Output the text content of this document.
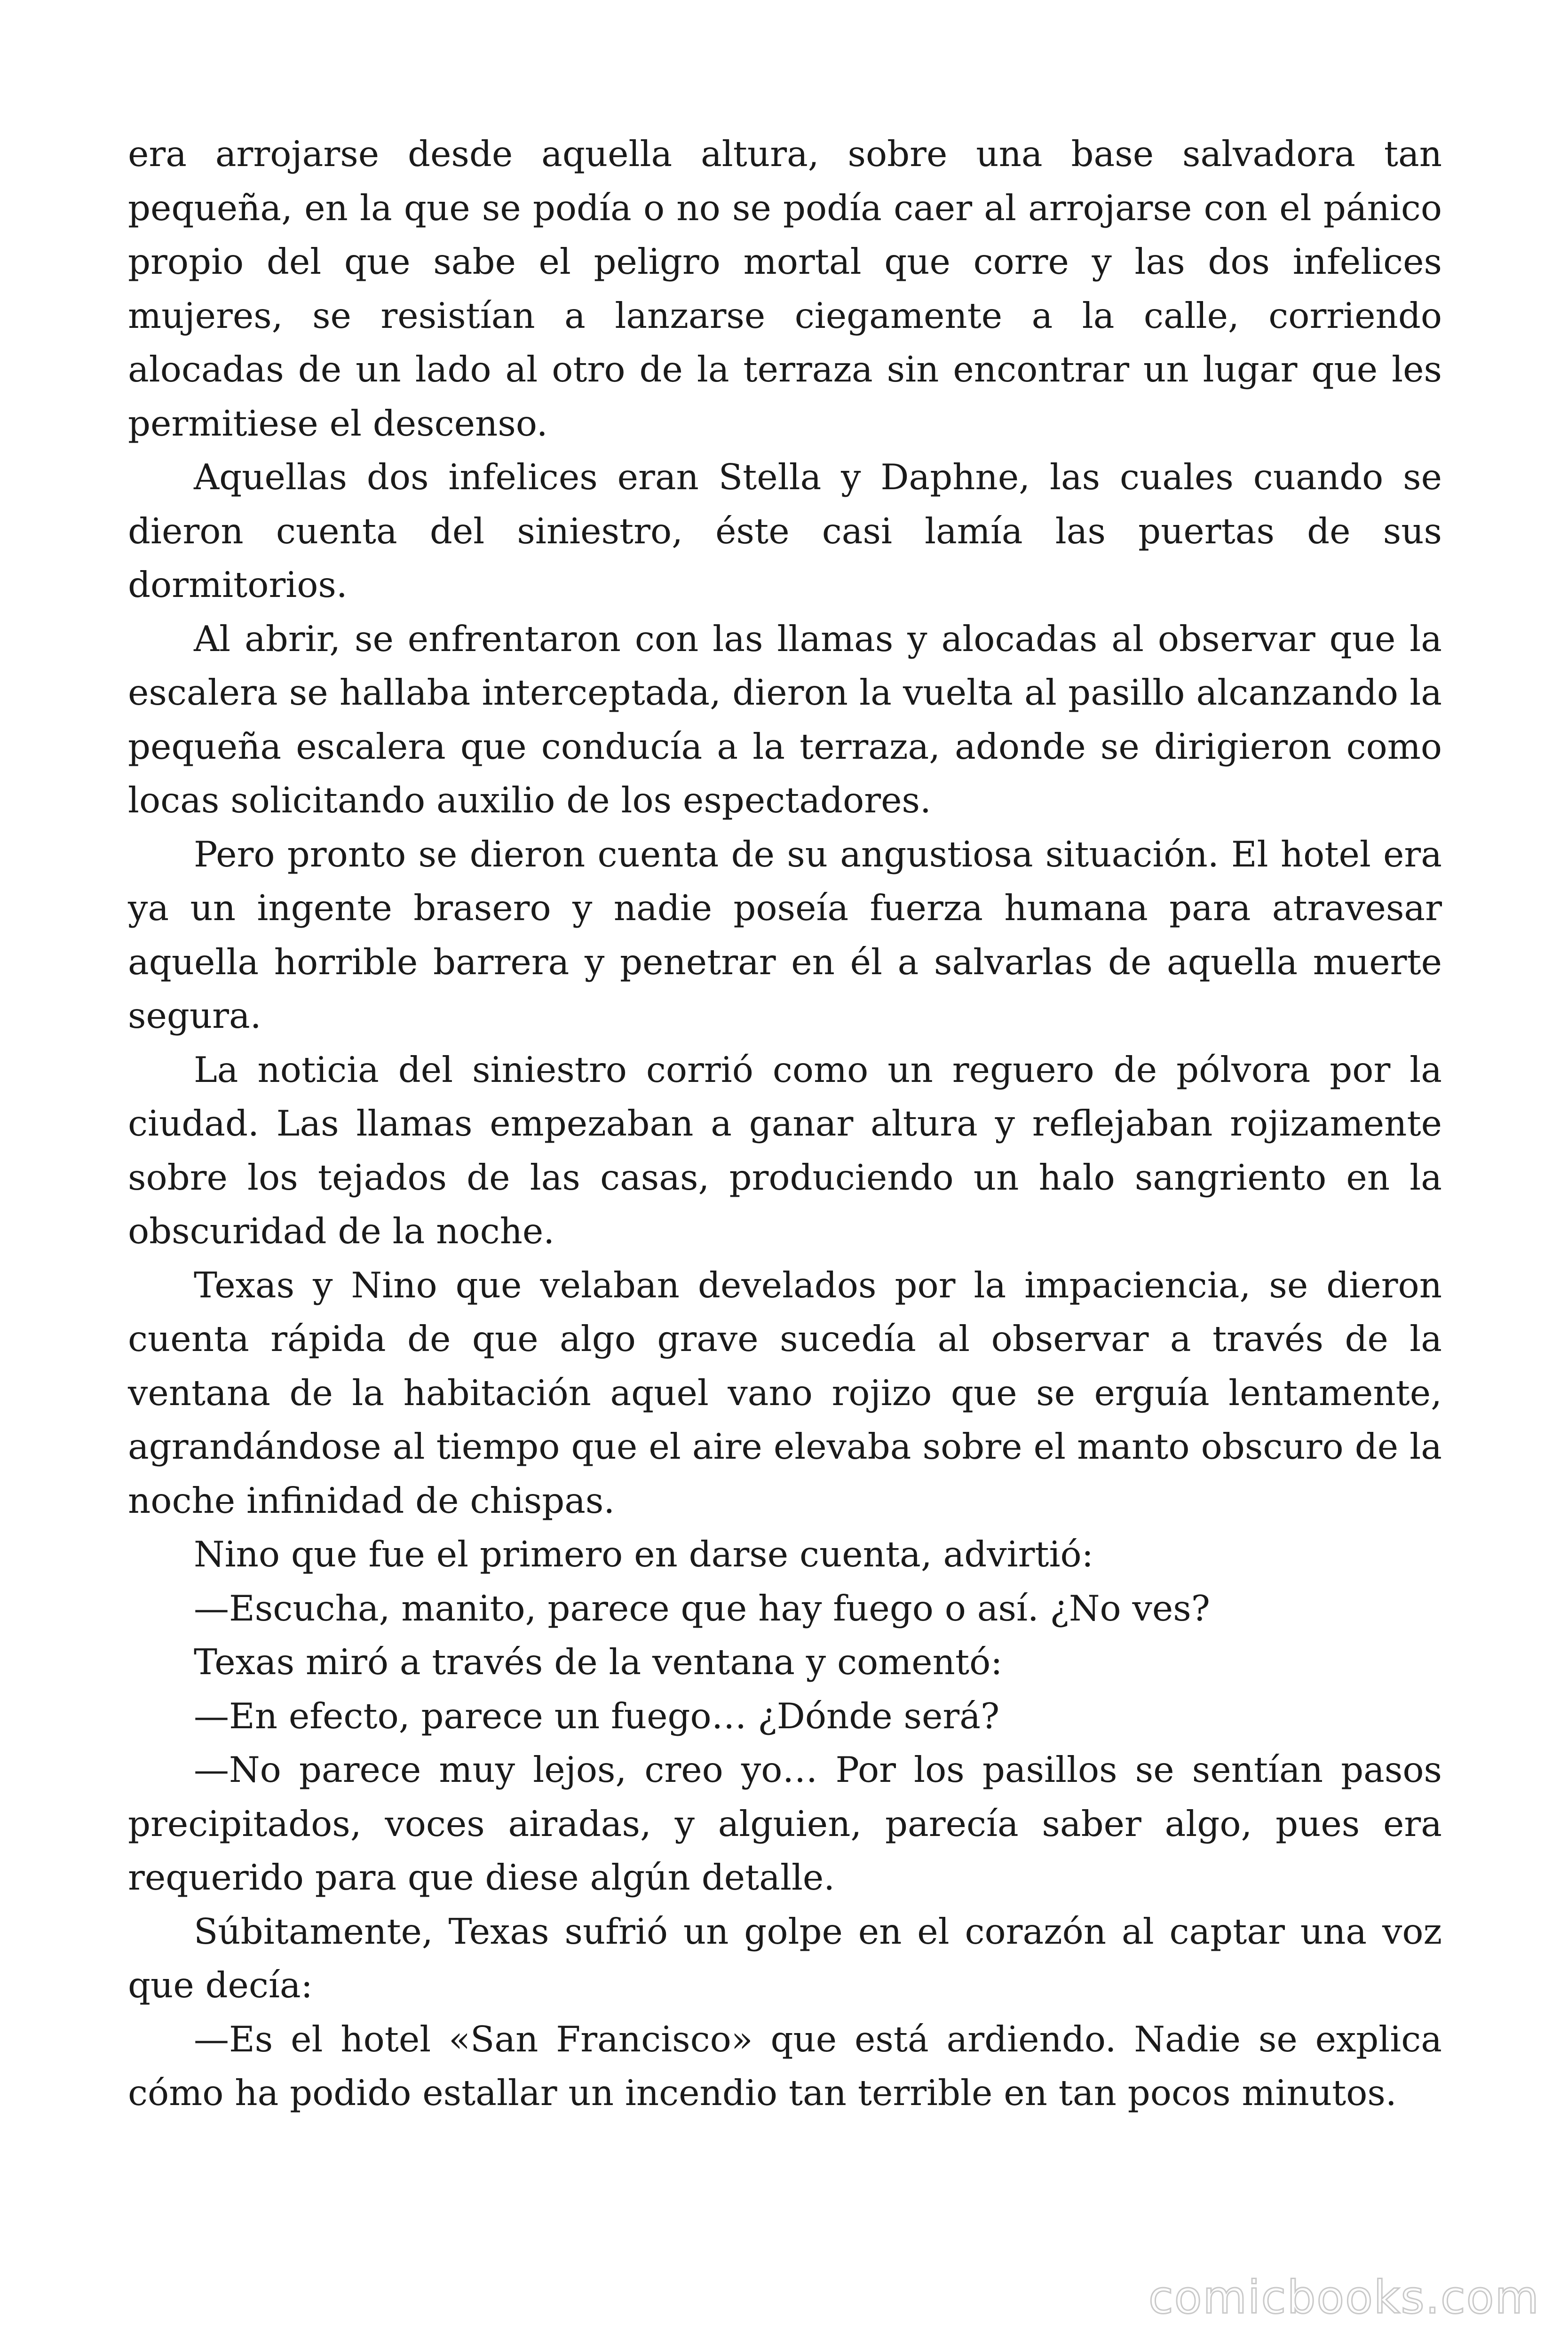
era arrojarse desde aquella altura, sobre una base salvadora tan pequeña, en la que se podía o no se podía caer al arrojarse con el pánico propio del que sabe el peligro mortal que corre y las dos infelices mujeres, se resistían a lanzarse ciegamente a la calle, corriendo alocadas de un lado al otro de la terraza sin encontrar un lugar que les permitiese el descenso.

Aquellas dos infelices eran Stella y Daphne, las cuales cuando se dieron cuenta del siniestro, éste casi lamía las puertas de sus dormitorios.

Al abrir, se enfrentaron con las llamas y alocadas al observar que la escalera se hallaba interceptada, dieron la vuelta al pasillo alcanzando la pequeña escalera que conducía a la terraza, adonde se dirigieron como locas solicitando auxilio de los espectadores.

Pero pronto se dieron cuenta de su angustiosa situación. El hotel era ya un ingente brasero y nadie poseía fuerza humana para atravesar aquella horrible barrera y penetrar en él a salvarlas de aquella muerte segura.

La noticia del siniestro corrió como un reguero de pólvora por la ciudad. Las llamas empezaban a ganar altura y reflejaban rojizamente sobre los tejados de las casas, produciendo un halo sangriento en la obscuridad de la noche.

Texas y Nino que velaban develados por la impaciencia, se dieron cuenta rápida de que algo grave sucedía al observar a través de la ventana de la habitación aquel vano rojizo que se erguía lentamente, agrandándose al tiempo que el aire elevaba sobre el manto obscuro de la noche infinidad de chispas.

Nino que fue el primero en darse cuenta, advirtió:

—Escucha, manito, parece que hay fuego o así. ¿No ves?

Texas miró a través de la ventana y comentó:

—En efecto, parece un fuego… ¿Dónde será?

—No parece muy lejos, creo yo… Por los pasillos se sentían pasos precipitados, voces airadas, y alguien, parecía saber algo, pues era requerido para que diese algún detalle.

Súbitamente, Texas sufrió un golpe en el corazón al captar una voz que decía:

—Es el hotel «San Francisco» que está ardiendo. Nadie se explica cómo ha podido estallar un incendio tan terrible en tan pocos minutos.

comicbooks.com
